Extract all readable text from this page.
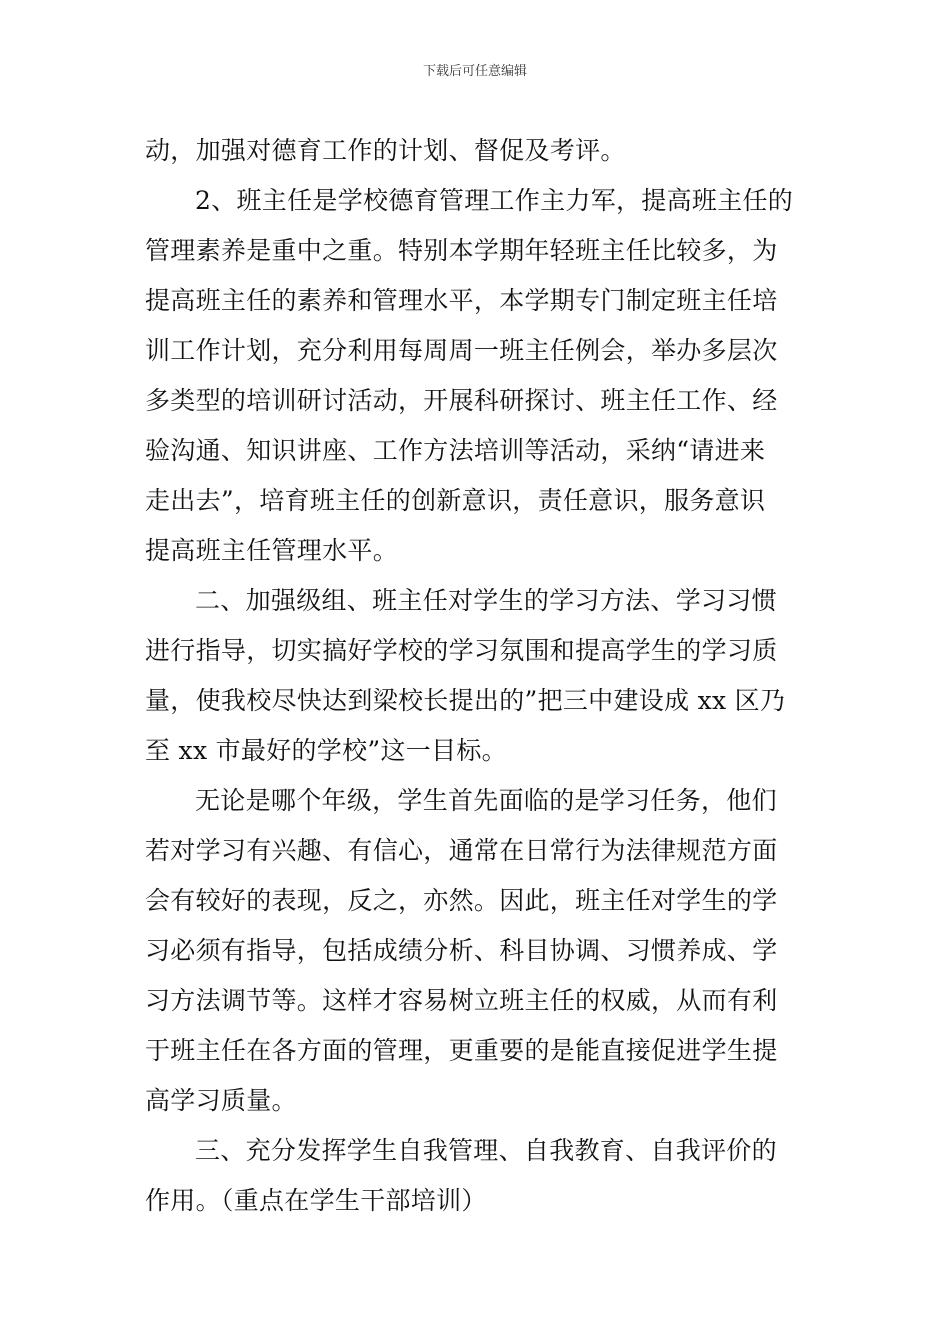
下载后可任意编辑
动，加强对德育工作的计划、督促及考评。
2、班主任是学校德育管理工作主力军，提高班主任的
管理素养是重中之重。特别本学期年轻班主任比较多，为
提高班主任的素养和管理水平，本学期专门制定班主任培
训工作计划，充分利用每周周一班主任例会，举办多层次
多类型的培训研讨活动，开展科研探讨、班主任工作、经
验沟通、知识讲座、工作方法培训等活动，采纳“请进来
走出去”，培育班主任的创新意识，责任意识，服务意识
提高班主任管理水平。
二、加强级组、班主任对学生的学习方法、学习习惯
进行指导，切实搞好学校的学习氛围和提高学生的学习质
量，使我校尽快达到梁校长提出的”把三中建设成 xx 区乃
至 xx 市最好的学校”这一目标。
无论是哪个年级，学生首先面临的是学习任务，他们
若对学习有兴趣、有信心，通常在日常行为法律规范方面
会有较好的表现，反之，亦然。因此，班主任对学生的学
习必须有指导，包括成绩分析、科目协调、习惯养成、学
习方法调节等。这样才容易树立班主任的权威，从而有利
于班主任在各方面的管理，更重要的是能直接促进学生提
高学习质量。
三、充分发挥学生自我管理、自我教育、自我评价的
作用。（重点在学生干部培训）
